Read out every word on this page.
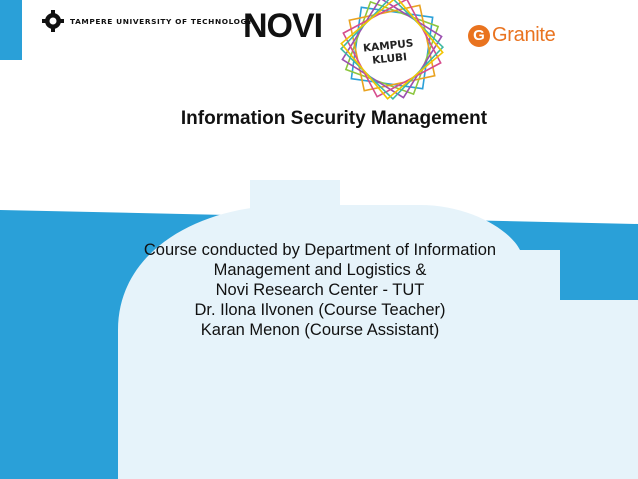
TAMPERE UNIVERSITY OF TECHNOLOGY
NOVI
KAMPUS
KLUBI
G Granite
Information Security Management
Course conducted by Department of Information
Management and Logistics &
Novi Research Center - TUT
Dr. Ilona Ilvonen (Course Teacher)
Karan Menon (Course Assistant)
